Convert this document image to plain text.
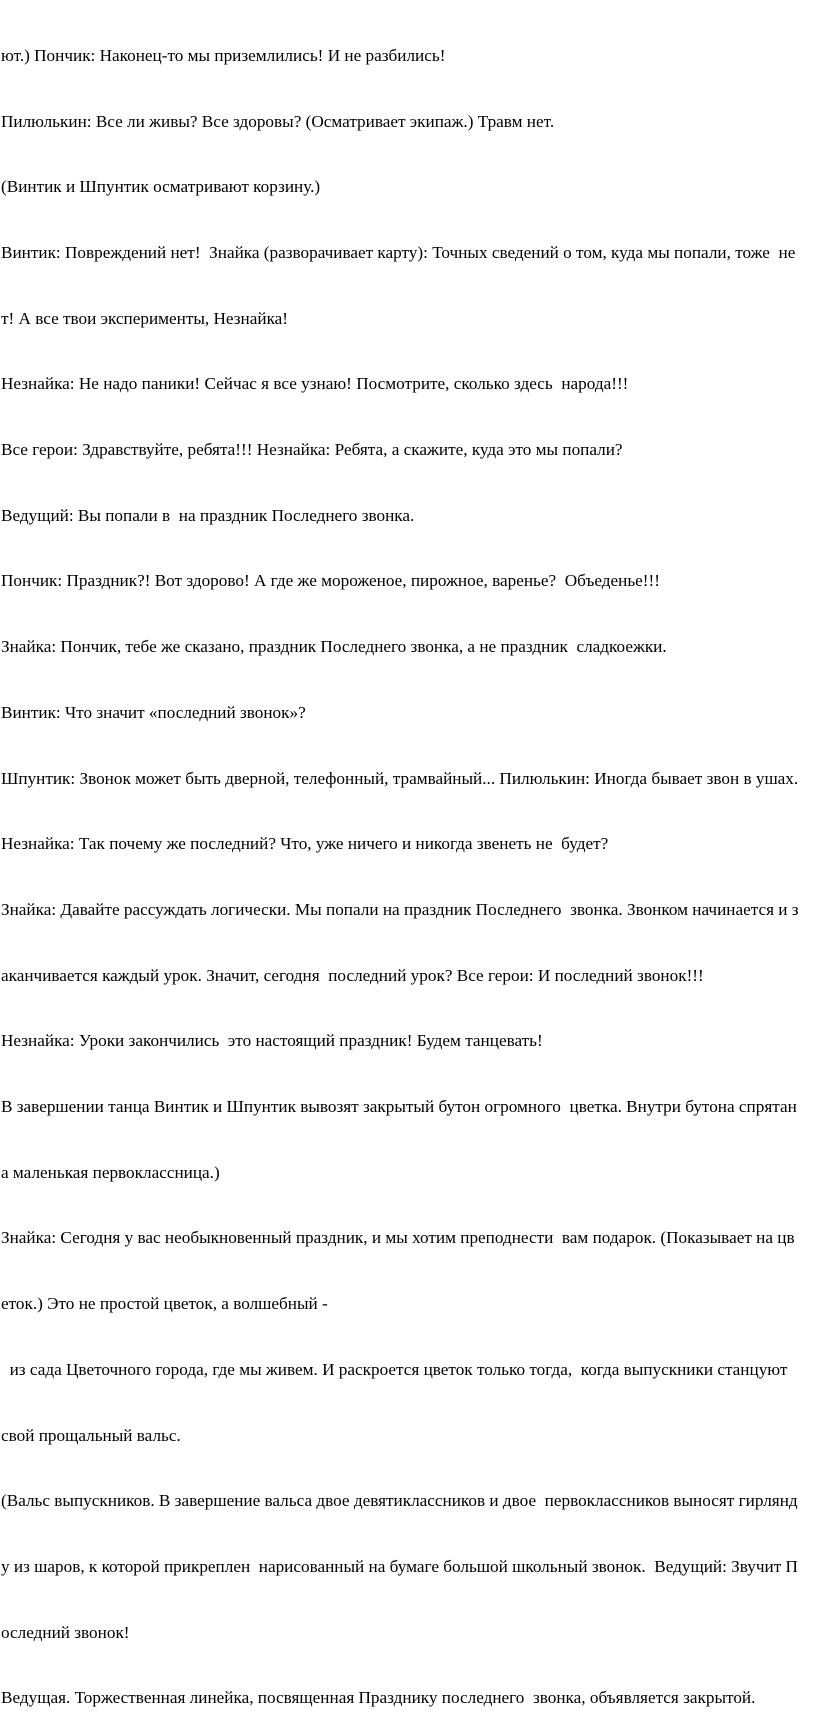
ют.) Пончик: Наконец-то мы приземлились! И не разбились!

Пилюлькин: Все ли живы? Все здоровы? (Осматривает экипаж.) Травм нет.

(Винтик и Шпунтик осматривают корзину.)

Винтик: Повреждений нет!  Знайка (разворачивает карту): Точных сведений о том, куда мы попали, тоже  не

т! А все твои эксперименты, Незнайка!

Незнайка: Не надо паники! Сейчас я все узнаю! Посмотрите, сколько здесь  народа!!!

Все герои: Здравствуйте, ребята!!! Незнайка: Ребята, а скажите, куда это мы попали?

Ведущий: Вы попали в  на праздник Последнего звонка.

Пончик: Праздник?! Вот здорово! А где же мороженое, пирожное, варенье?  Объеденье!!!

Знайка: Пончик, тебе же сказано, праздник Последнего звонка, а не праздник  сладкоежки.

Винтик: Что значит «последний звонок»?

Шпунтик: Звонок может быть дверной, телефонный, трамвайный... Пилюлькин: Иногда бывает звон в ушах.

Незнайка: Так почему же последний? Что, уже ничего и никогда звенеть не  будет?

Знайка: Давайте рассуждать логически. Мы попали на праздник Последнего  звонка. Звонком начинается и з

аканчивается каждый урок. Значит, сегодня  последний урок? Все герои: И последний звонок!!!

Незнайка: Уроки закончились  это настоящий праздник! Будем танцевать!

В завершении танца Винтик и Шпунтик вывозят закрытый бутон огромного  цветка. Внутри бутона спрятан

а маленькая первоклассница.)

Знайка: Сегодня у вас необыкновенный праздник, и мы хотим преподнести  вам подарок. (Показывает на цв

еток.) Это не простой цветок, а волшебный -

из сада Цветочного города, где мы живем. И раскроется цветок только тогда,  когда выпускники станцуют

свой прощальный вальс.

(Вальс выпускников. В завершение вальса двое девятиклассников и двое  первоклассников выносят гирлянд

у из шаров, к которой прикреплен  нарисованный на бумаге большой школьный звонок.  Ведущий: Звучит П

оследний звонок!

Ведущая. Торжественная линейка, посвященная Празднику последнего  звонка, объявляется закрытой.
